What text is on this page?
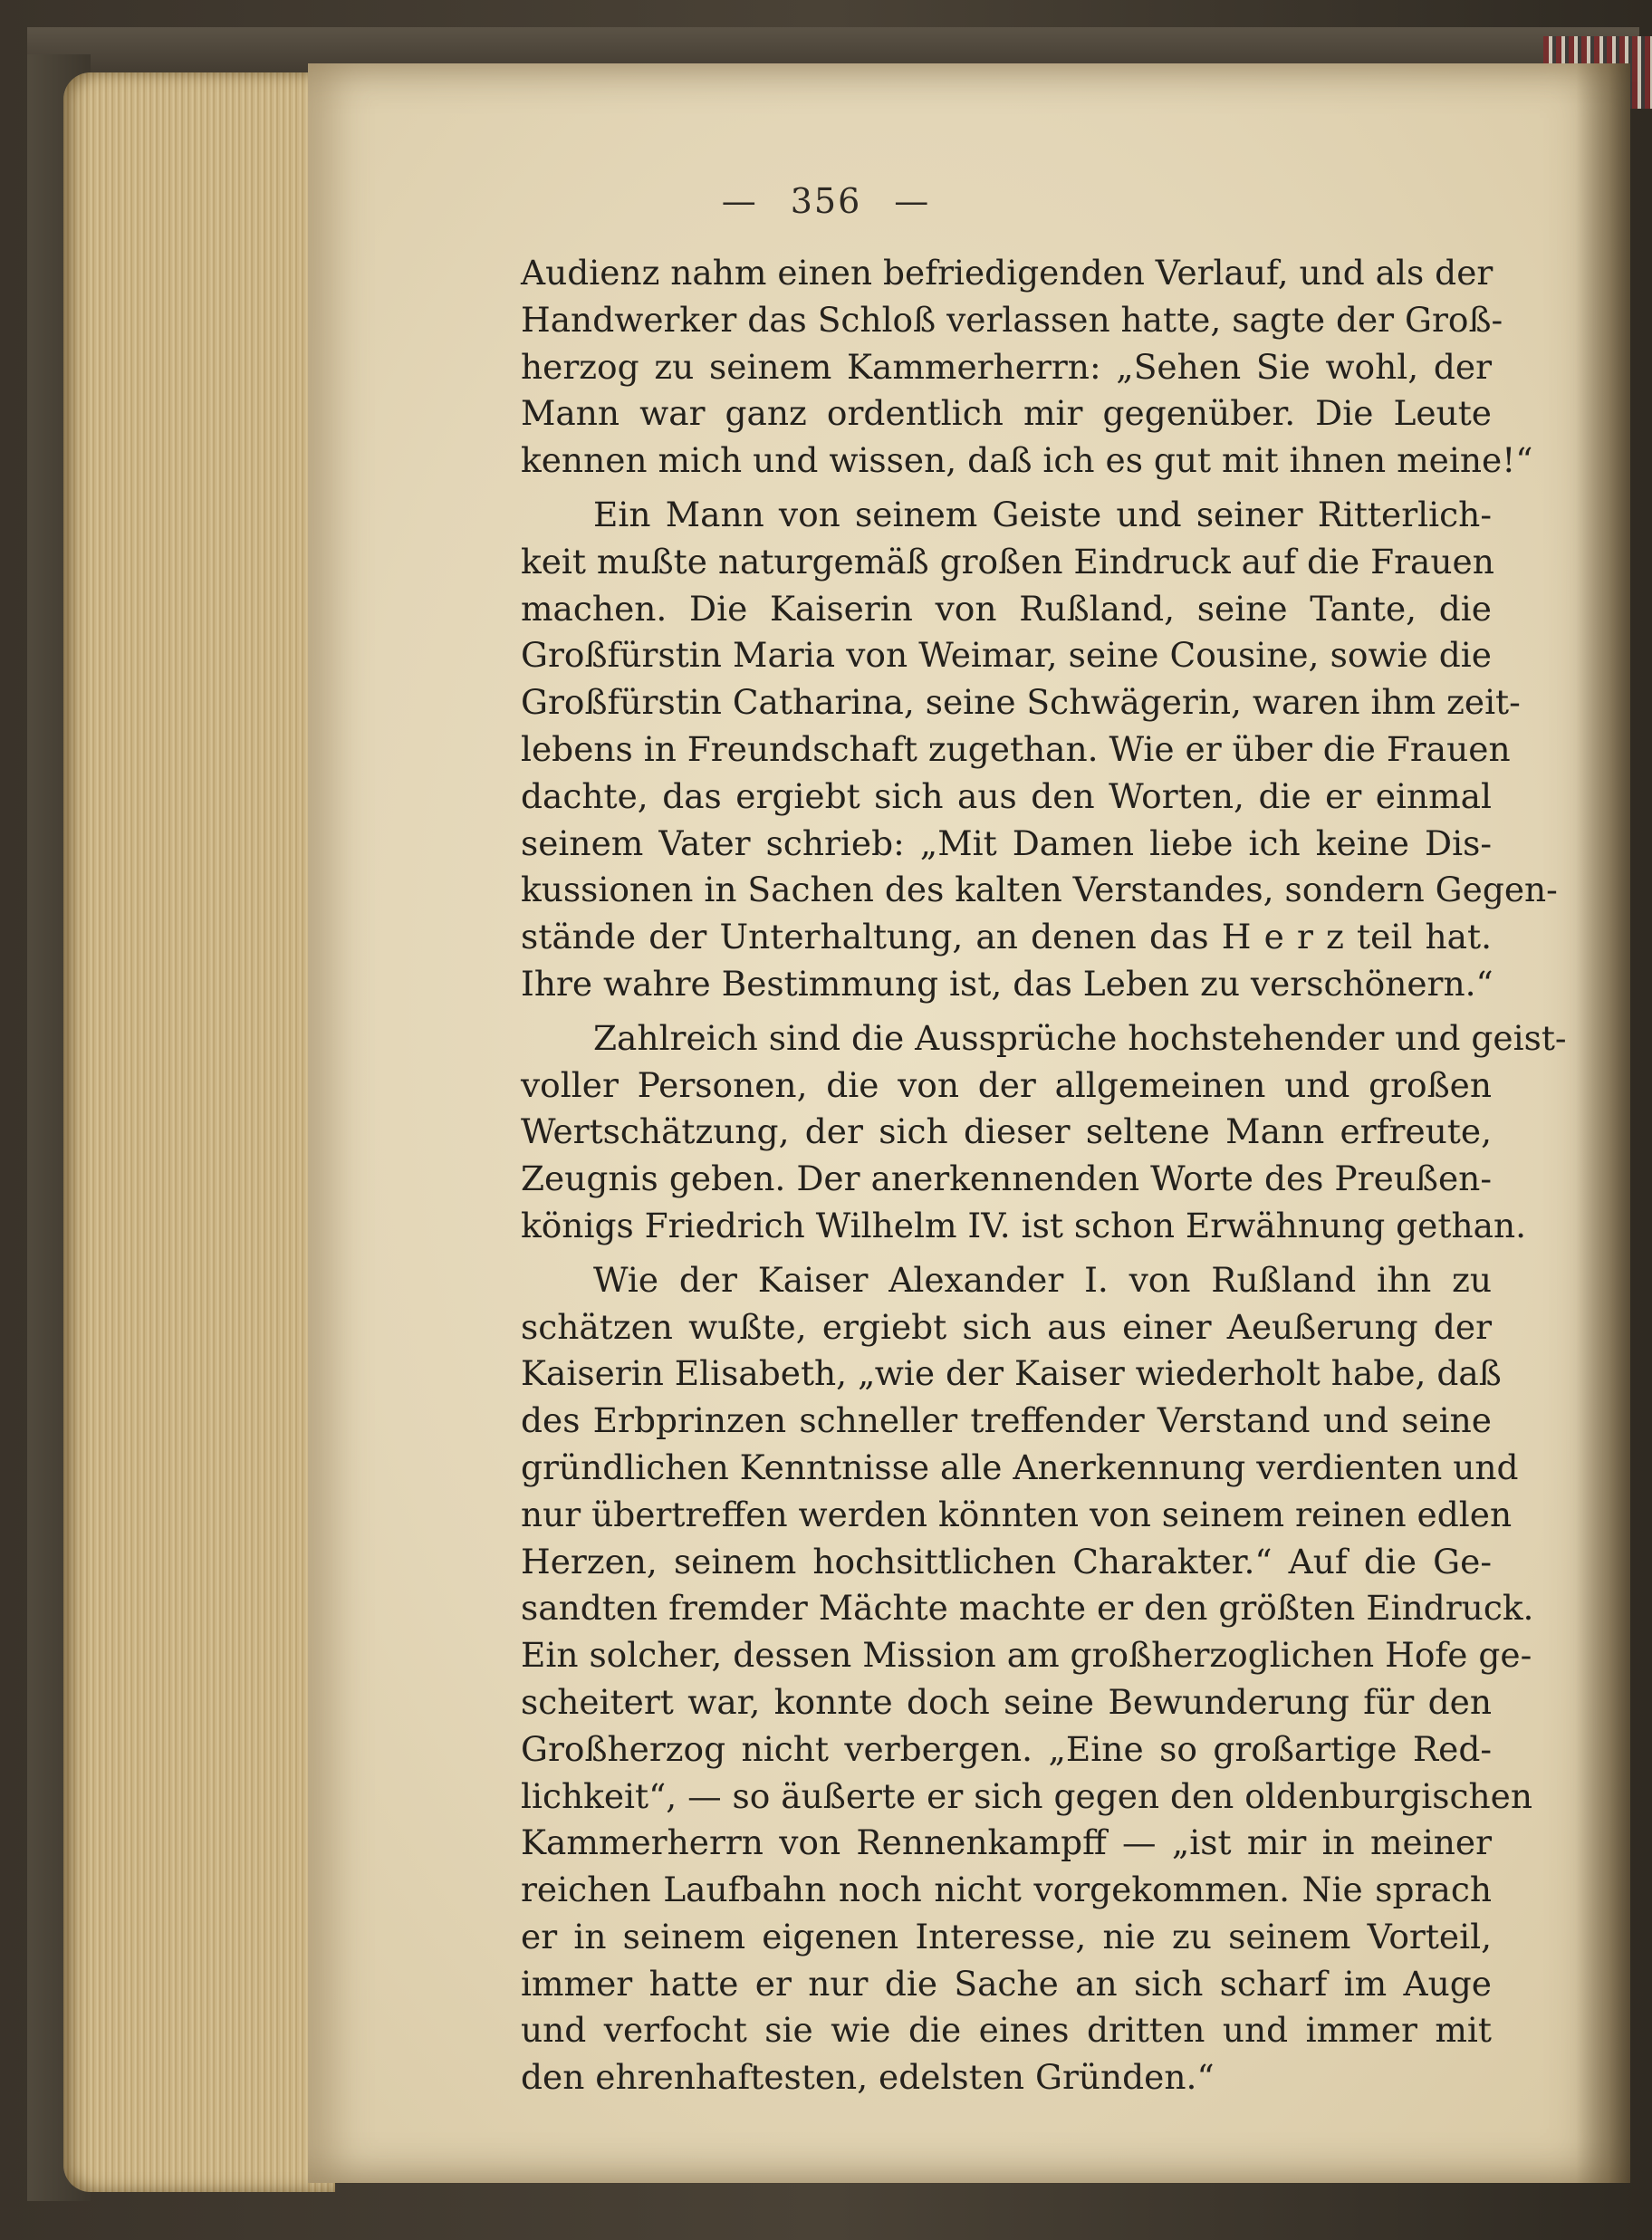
— 356 —
Audienz nahm einen befriedigenden Verlauf, und als der
Handwerker das Schloß verlassen hatte, sagte der Groß-
herzog zu seinem Kammerherrn: „Sehen Sie wohl, der
Mann war ganz ordentlich mir gegenüber. Die Leute
kennen mich und wissen, daß ich es gut mit ihnen meine!“
Ein Mann von seinem Geiste und seiner Ritterlich-
keit mußte naturgemäß großen Eindruck auf die Frauen
machen. Die Kaiserin von Rußland, seine Tante, die
Großfürstin Maria von Weimar, seine Cousine, sowie die
Großfürstin Catharina, seine Schwägerin, waren ihm zeit-
lebens in Freundschaft zugethan. Wie er über die Frauen
dachte, das ergiebt sich aus den Worten, die er einmal
seinem Vater schrieb: „Mit Damen liebe ich keine Dis-
kussionen in Sachen des kalten Verstandes, sondern Gegen-
stände der Unterhaltung, an denen das H e r z teil hat.
Ihre wahre Bestimmung ist, das Leben zu verschönern.“
Zahlreich sind die Aussprüche hochstehender und geist-
voller Personen, die von der allgemeinen und großen
Wertschätzung, der sich dieser seltene Mann erfreute,
Zeugnis geben. Der anerkennenden Worte des Preußen-
königs Friedrich Wilhelm IV. ist schon Erwähnung gethan.
Wie der Kaiser Alexander I. von Rußland ihn zu
schätzen wußte, ergiebt sich aus einer Aeußerung der
Kaiserin Elisabeth, „wie der Kaiser wiederholt habe, daß
des Erbprinzen schneller treffender Verstand und seine
gründlichen Kenntnisse alle Anerkennung verdienten und
nur übertreffen werden könnten von seinem reinen edlen
Herzen, seinem hochsittlichen Charakter.“ Auf die Ge-
sandten fremder Mächte machte er den größten Eindruck.
Ein solcher, dessen Mission am großherzoglichen Hofe ge-
scheitert war, konnte doch seine Bewunderung für den
Großherzog nicht verbergen. „Eine so großartige Red-
lichkeit“, — so äußerte er sich gegen den oldenburgischen
Kammerherrn von Rennenkampff — „ist mir in meiner
reichen Laufbahn noch nicht vorgekommen. Nie sprach
er in seinem eigenen Interesse, nie zu seinem Vorteil,
immer hatte er nur die Sache an sich scharf im Auge
und verfocht sie wie die eines dritten und immer mit
den ehrenhaftesten, edelsten Gründen.“
